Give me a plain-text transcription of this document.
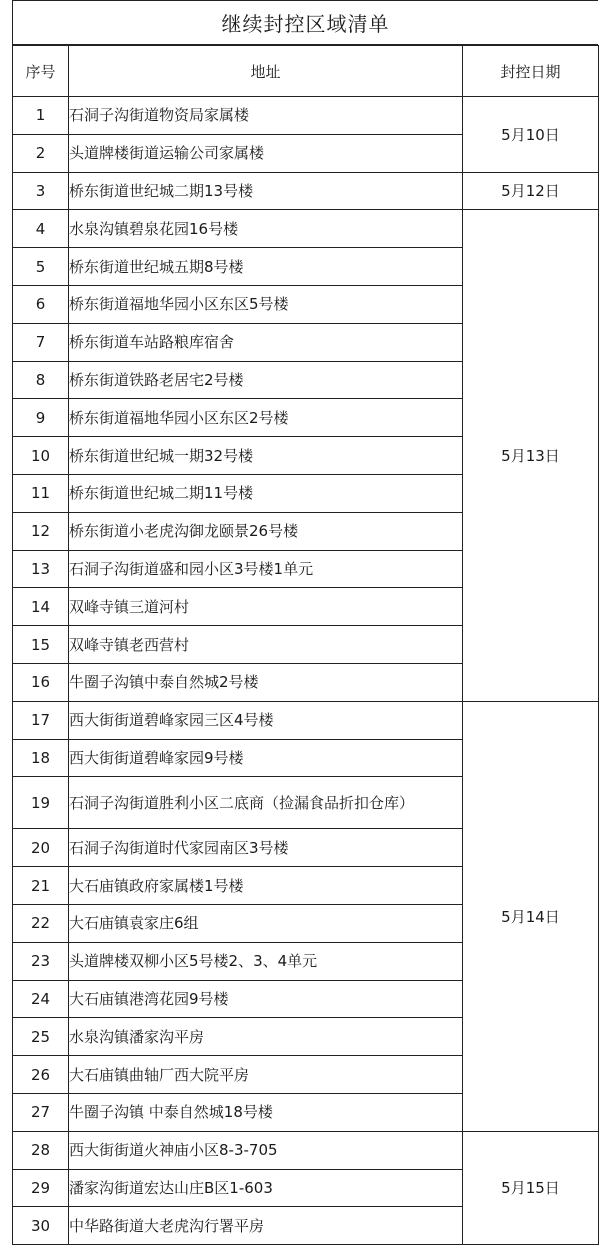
继续封控区域清单
序号	地址	封控日期
1	石洞子沟街道物资局家属楼	5月10日
2	头道牌楼街道运输公司家属楼	
3	桥东街道世纪城二期13号楼	5月12日
4	水泉沟镇碧泉花园16号楼	5月13日
5	桥东街道世纪城五期8号楼	
6	桥东街道福地华园小区东区5号楼	
7	桥东街道车站路粮库宿舍	
8	桥东街道铁路老居宅2号楼	
9	桥东街道福地华园小区东区2号楼	
10	桥东街道世纪城一期32号楼	
11	桥东街道世纪城二期11号楼	
12	桥东街道小老虎沟御龙颐景26号楼	
13	石洞子沟街道盛和园小区3号楼1单元	
14	双峰寺镇三道河村	
15	双峰寺镇老西营村	
16	牛圈子沟镇中泰自然城2号楼	
17	西大街街道碧峰家园三区4号楼	5月14日
18	西大街街道碧峰家园9号楼	
19	石洞子沟街道胜利小区二底商（捡漏食品折扣仓库）	
20	石洞子沟街道时代家园南区3号楼	
21	大石庙镇政府家属楼1号楼	
22	大石庙镇袁家庄6组	
23	头道牌楼双柳小区5号楼2、3、4单元	
24	大石庙镇港湾花园9号楼	
25	水泉沟镇潘家沟平房	
26	大石庙镇曲轴厂西大院平房	
27	牛圈子沟镇 中泰自然城18号楼	
28	西大街街道火神庙小区8-3-705	5月15日
29	潘家沟街道宏达山庄B区1-603	
30	中华路街道大老虎沟行署平房	
